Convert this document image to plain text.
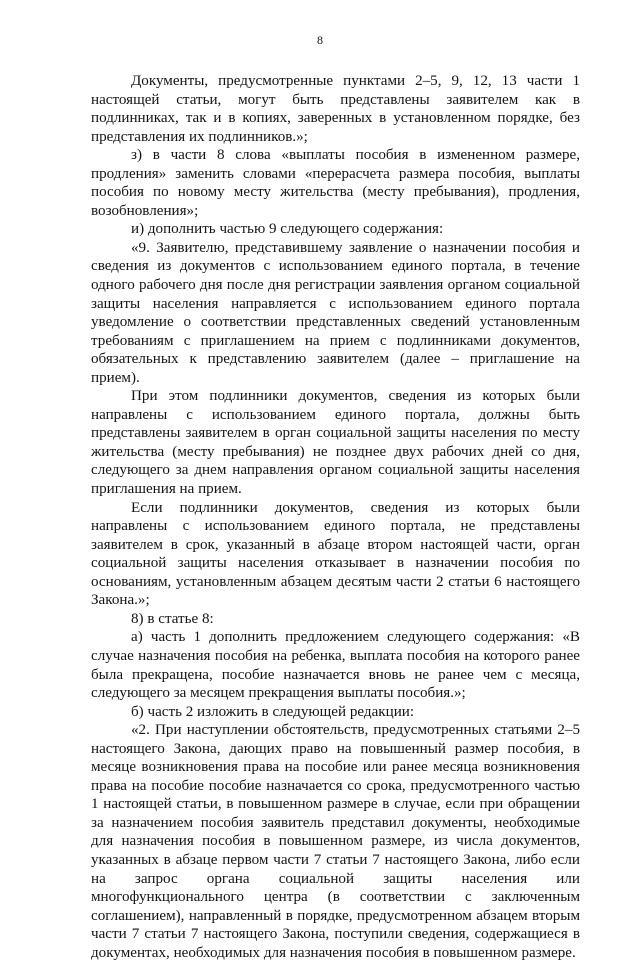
8

Документы, предусмотренные пунктами 2–5, 9, 12, 13 части 1 настоящей статьи, могут быть представлены заявителем как в подлинниках, так и в копиях, заверенных в установленном порядке, без представления их подлинников.»;

з) в части 8 слова «выплаты пособия в измененном размере, продления» заменить словами «перерасчета размера пособия, выплаты пособия по новому месту жительства (месту пребывания), продления, возобновления»;

и) дополнить частью 9 следующего содержания:

«9. Заявителю, представившему заявление о назначении пособия и сведения из документов с использованием единого портала, в течение одного рабочего дня после дня регистрации заявления органом социальной защиты населения направляется с использованием единого портала уведомление о соответствии представленных сведений установленным требованиям с приглашением на прием с подлинниками документов, обязательных к представлению заявителем (далее – приглашение на прием).

При этом подлинники документов, сведения из которых были направлены с использованием единого портала, должны быть представлены заявителем в орган социальной защиты населения по месту жительства (месту пребывания) не позднее двух рабочих дней со дня, следующего за днем направления органом социальной защиты населения приглашения на прием.

Если подлинники документов, сведения из которых были направлены с использованием единого портала, не представлены заявителем в срок, указанный в абзаце втором настоящей части, орган социальной защиты населения отказывает в назначении пособия по основаниям, установленным абзацем десятым части 2 статьи 6 настоящего Закона.»;

8) в статье 8:

а) часть 1 дополнить предложением следующего содержания: «В случае назначения пособия на ребенка, выплата пособия на которого ранее была прекращена, пособие назначается вновь не ранее чем с месяца, следующего за месяцем прекращения выплаты пособия.»;

б) часть 2 изложить в следующей редакции:

«2. При наступлении обстоятельств, предусмотренных статьями 2–5 настоящего Закона, дающих право на повышенный размер пособия, в месяце возникновения права на пособие или ранее месяца возникновения права на пособие пособие назначается со срока, предусмотренного частью 1 настоящей статьи, в повышенном размере в случае, если при обращении за назначением пособия заявитель представил документы, необходимые для назначения пособия в повышенном размере, из числа документов, указанных в абзаце первом части 7 статьи 7 настоящего Закона, либо если на запрос органа социальной защиты населения или многофункционального центра (в соответствии с заключенным соглашением), направленный в порядке, предусмотренном абзацем вторым части 7 статьи 7 настоящего Закона, поступили сведения, содержащиеся в документах, необходимых для назначения пособия в повышенном размере.
